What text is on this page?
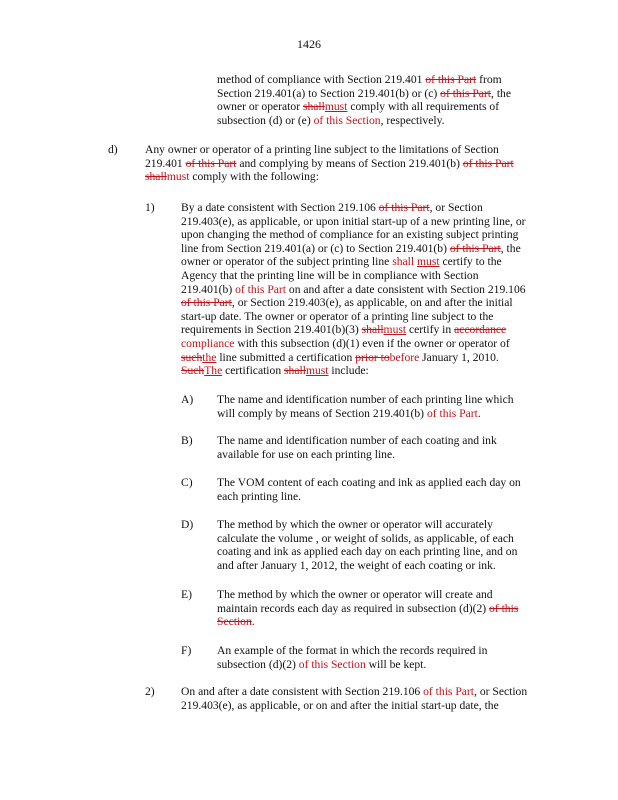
1426
method of compliance with Section 219.401 of this Part from
Section 219.401(a) to Section 219.401(b) or (c) of this Part, the
owner or operator shallmust comply with all requirements of
subsection (d) or (e) of this Section, respectively.
d) Any owner or operator of a printing line subject to the limitations of Section
219.401 of this Part and complying by means of Section 219.401(b) of this Part
shallmust comply with the following:
1) By a date consistent with Section 219.106 of this Part, or Section
219.403(e), as applicable, or upon initial start-up of a new printing line, or
upon changing the method of compliance for an existing subject printing
line from Section 219.401(a) or (c) to Section 219.401(b) of this Part, the
owner or operator of the subject printing line shall must certify to the
Agency that the printing line will be in compliance with Section
219.401(b) of this Part on and after a date consistent with Section 219.106
of this Part, or Section 219.403(e), as applicable, on and after the initial
start-up date. The owner or operator of a printing line subject to the
requirements in Section 219.401(b)(3) shallmust certify in accordance
compliance with this subsection (d)(1) even if the owner or operator of
suchthe line submitted a certification prior tobefore January 1, 2010.
SuchThe certification shallmust include:
A) The name and identification number of each printing line which
will comply by means of Section 219.401(b) of this Part.
B) The name and identification number of each coating and ink
available for use on each printing line.
C) The VOM content of each coating and ink as applied each day on
each printing line.
D) The method by which the owner or operator will accurately
calculate the volume , or weight of solids, as applicable, of each
coating and ink as applied each day on each printing line, and on
and after January 1, 2012, the weight of each coating or ink.
E) The method by which the owner or operator will create and
maintain records each day as required in subsection (d)(2) of this
Section.
F) An example of the format in which the records required in
subsection (d)(2) of this Section will be kept.
2) On and after a date consistent with Section 219.106 of this Part, or Section
219.403(e), as applicable, or on and after the initial start-up date, the
